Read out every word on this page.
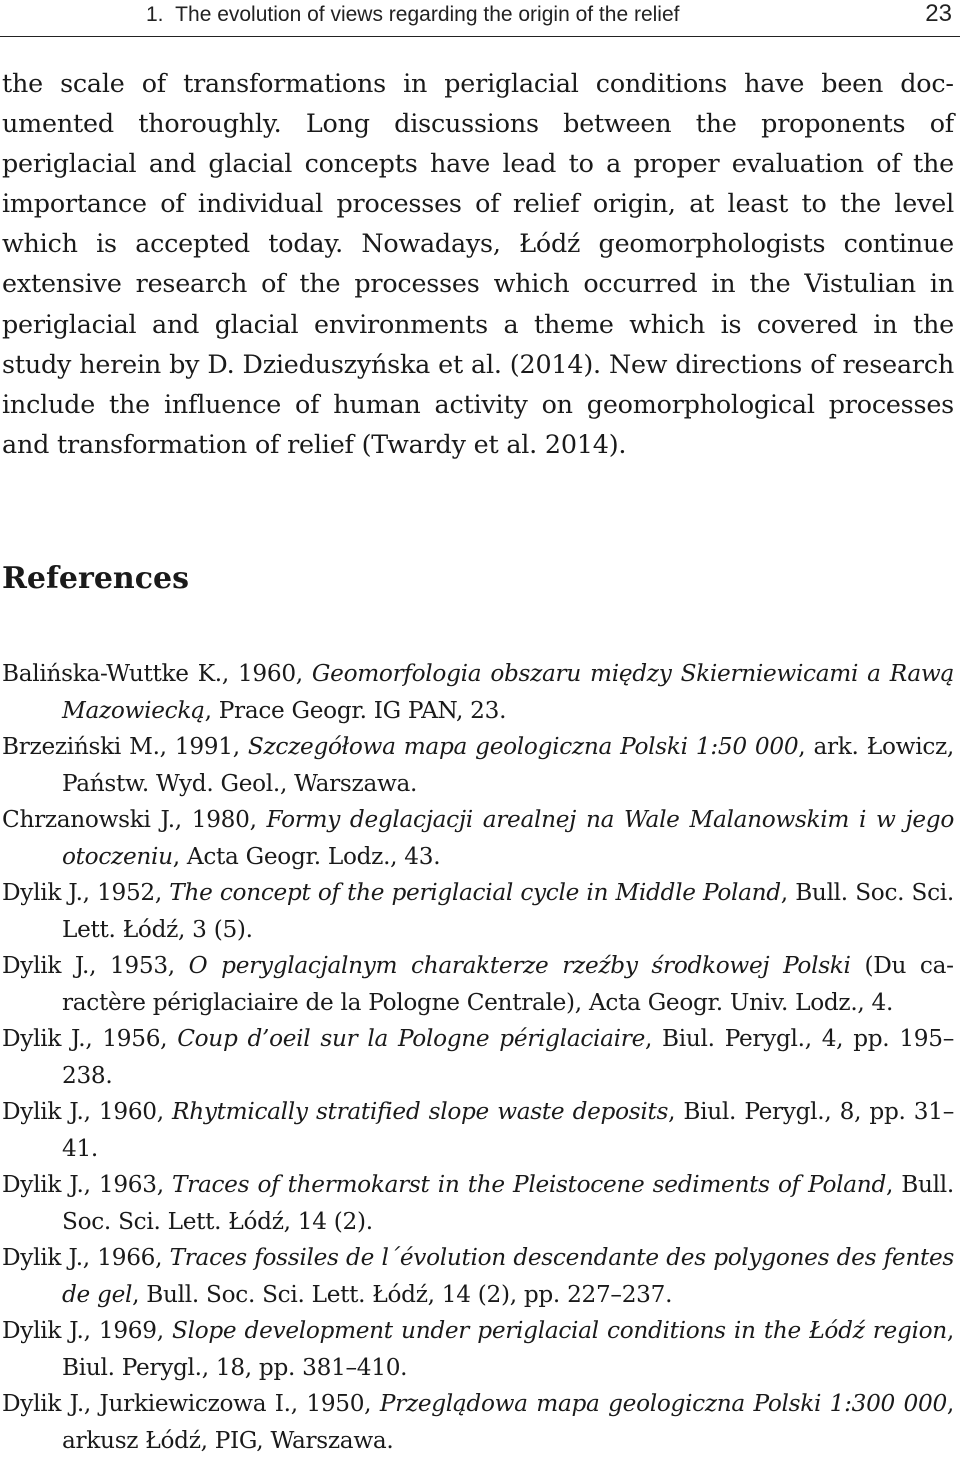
1.  The evolution of views regarding the origin of the relief	23

the scale of transformations in periglacial conditions have been documented thoroughly. Long discussions between the proponents of periglacial and glacial concepts have lead to a proper evaluation of the importance of individual processes of relief origin, at least to the level which is accepted today. Nowadays, Łódź geomorphologists continue extensive research of the processes which occurred in the Vistulian in periglacial and glacial environments a theme which is covered in the study herein by D. Dzieduszyńska et al. (2014). New directions of research include the influence of human activity on geomorphological processes and transformation of relief (Twardy et al. 2014).

References
Balińska-Wuttke K., 1960, Geomorfologia obszaru między Skierniewicami a Rawą Mazowiecką, Prace Geogr. IG PAN, 23.
Brzeziński M., 1991, Szczegółowa mapa geologiczna Polski 1:50 000, ark. Łowicz, Państw. Wyd. Geol., Warszawa.
Chrzanowski J., 1980, Formy deglacjacji arealnej na Wale Malanowskim i w jego otoczeniu, Acta Geogr. Lodz., 43.
Dylik J., 1952, The concept of the periglacial cycle in Middle Poland, Bull. Soc. Sci. Lett. Łódź, 3 (5).
Dylik J., 1953, O peryglacjalnym charakterze rzeźby środkowej Polski (Du caractère périglaciaire de la Pologne Centrale), Acta Geogr. Univ. Lodz., 4.
Dylik J., 1956, Coup d’oeil sur la Pologne périglaciaire, Biul. Perygl., 4, pp. 195–238.
Dylik J., 1960, Rhytmically stratified slope waste deposits, Biul. Perygl., 8, pp. 31–41.
Dylik J., 1963, Traces of thermokarst in the Pleistocene sediments of Poland, Bull. Soc. Sci. Lett. Łódź, 14 (2).
Dylik J., 1966, Traces fossiles de l´évolution descendante des polygones des fentes de gel, Bull. Soc. Sci. Lett. Łódź, 14 (2), pp. 227–237.
Dylik J., 1969, Slope development under periglacial conditions in the Łódź region, Biul. Perygl., 18, pp. 381–410.
Dylik J., Jurkiewiczowa I., 1950, Przeglądowa mapa geologiczna Polski 1:300 000, arkusz Łódź, PIG, Warszawa.
